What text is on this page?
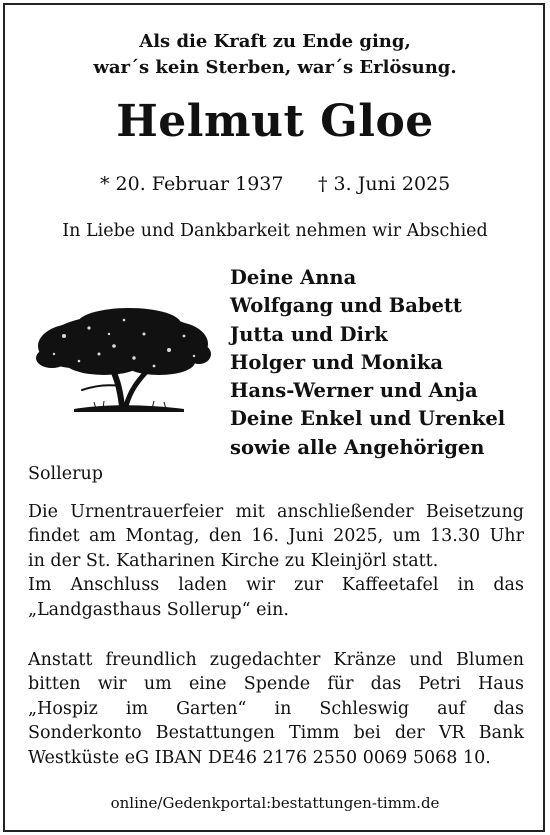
Als die Kraft zu Ende ging,
war´s kein Sterben, war´s Erlösung.
Helmut Gloe
* 20. Februar 1937 † 3. Juni 2025
In Liebe und Dankbarkeit nehmen wir Abschied
Deine Anna
Wolfgang und Babett
Jutta und Dirk
Holger und Monika
Hans-Werner und Anja
Deine Enkel und Urenkel
sowie alle Angehörigen
Sollerup
Die Urnentrauerfeier mit anschließender Beisetzung
findet am Montag, den 16. Juni 2025, um 13.30 Uhr
in der St. Katharinen Kirche zu Kleinjörl statt.
Im Anschluss laden wir zur Kaffeetafel in das
„Landgasthaus Sollerup“ ein.
Anstatt freundlich zugedachter Kränze und Blumen
bitten wir um eine Spende für das Petri Haus
„Hospiz im Garten“ in Schleswig auf das
Sonderkonto Bestattungen Timm bei der VR Bank
Westküste eG IBAN DE46 2176 2550 0069 5068 10.
online/Gedenkportal:bestattungen-timm.de
